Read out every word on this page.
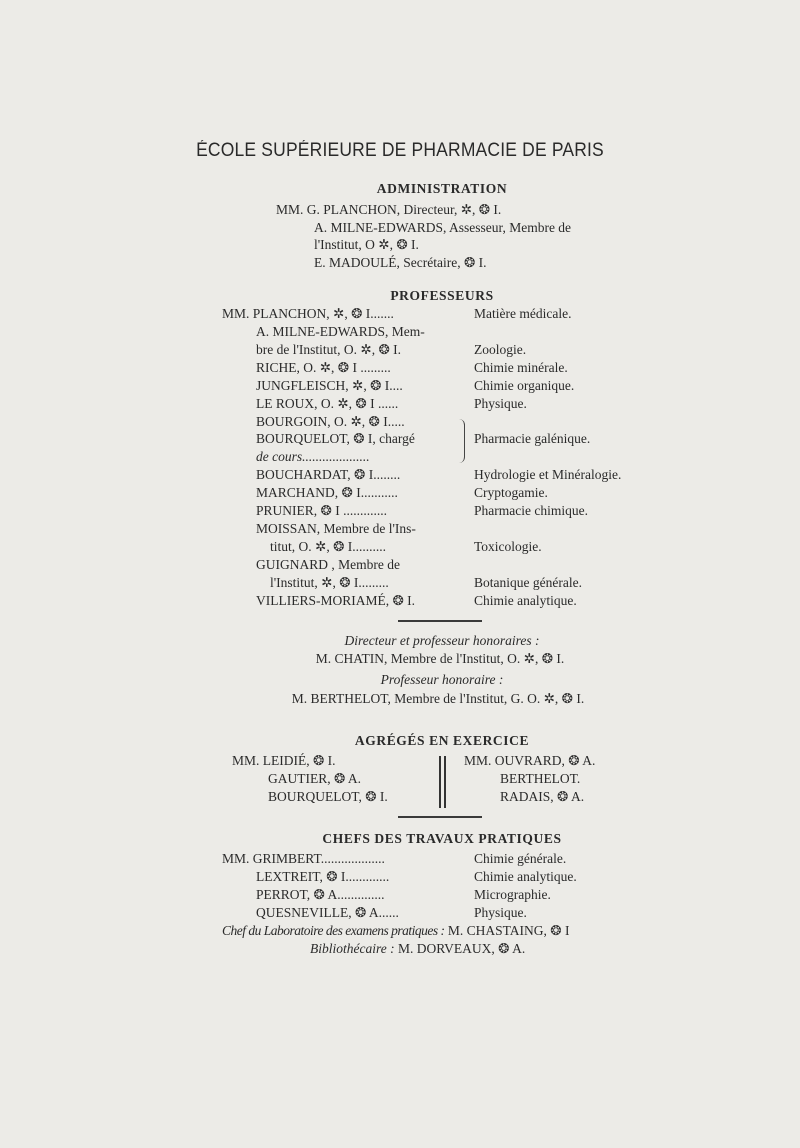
ÉCOLE SUPÉRIEURE DE PHARMACIE DE PARIS
ADMINISTRATION
MM. G. PLANCHON, Directeur, ✲, ❂ I.
A. MILNE-EDWARDS, Assesseur, Membre de
l'Institut, O ✲, ❂ I.
E. MADOULÉ, Secrétaire, ❂ I.
PROFESSEURS
MM. PLANCHON, ✲, ❂ I.......	Matière médicale.
A. MILNE-EDWARDS, Mem-
bre de l'Institut, O. ✲, ❂ I.	Zoologie.
RICHE, O. ✲, ❂ I .........	Chimie minérale.
JUNGFLEISCH, ✲, ❂ I....	Chimie organique.
LE ROUX, O. ✲, ❂ I ......	Physique.
BOURGOIN, O. ✲, ❂ I.....
BOURQUELOT, ❂ I, chargé	Pharmacie galénique.
de cours....................
BOUCHARDAT, ❂ I........	Hydrologie et Minéralogie.
MARCHAND, ❂ I...........	Cryptogamie.
PRUNIER, ❂ I .............	Pharmacie chimique.
MOISSAN, Membre de l'Ins-
titut, O. ✲, ❂ I..........	Toxicologie.
GUIGNARD , Membre de
l'Institut, ✲, ❂ I.........	Botanique générale.
VILLIERS-MORIAMÉ, ❂ I.	Chimie analytique.
Directeur et professeur honoraires :
M. CHATIN, Membre de l'Institut, O. ✲, ❂ I.
Professeur honoraire :
M. BERTHELOT, Membre de l'Institut, G. O. ✲, ❂ I.
AGRÉGÉS EN EXERCICE
MM. LEIDIÉ, ❂ I.
GAUTIER, ❂ A.
BOURQUELOT, ❂ I.
MM. OUVRARD, ❂ A.
BERTHELOT.
RADAIS, ❂ A.
CHEFS DES TRAVAUX PRATIQUES
MM. GRIMBERT...................	Chimie générale.
LEXTREIT, ❂ I.............	Chimie analytique.
PERROT, ❂ A..............	Micrographie.
QUESNEVILLE, ❂ A......	Physique.
Chef du Laboratoire des examens pratiques : M. CHASTAING, ❂ I
Bibliothécaire : M. DORVEAUX, ❂ A.
